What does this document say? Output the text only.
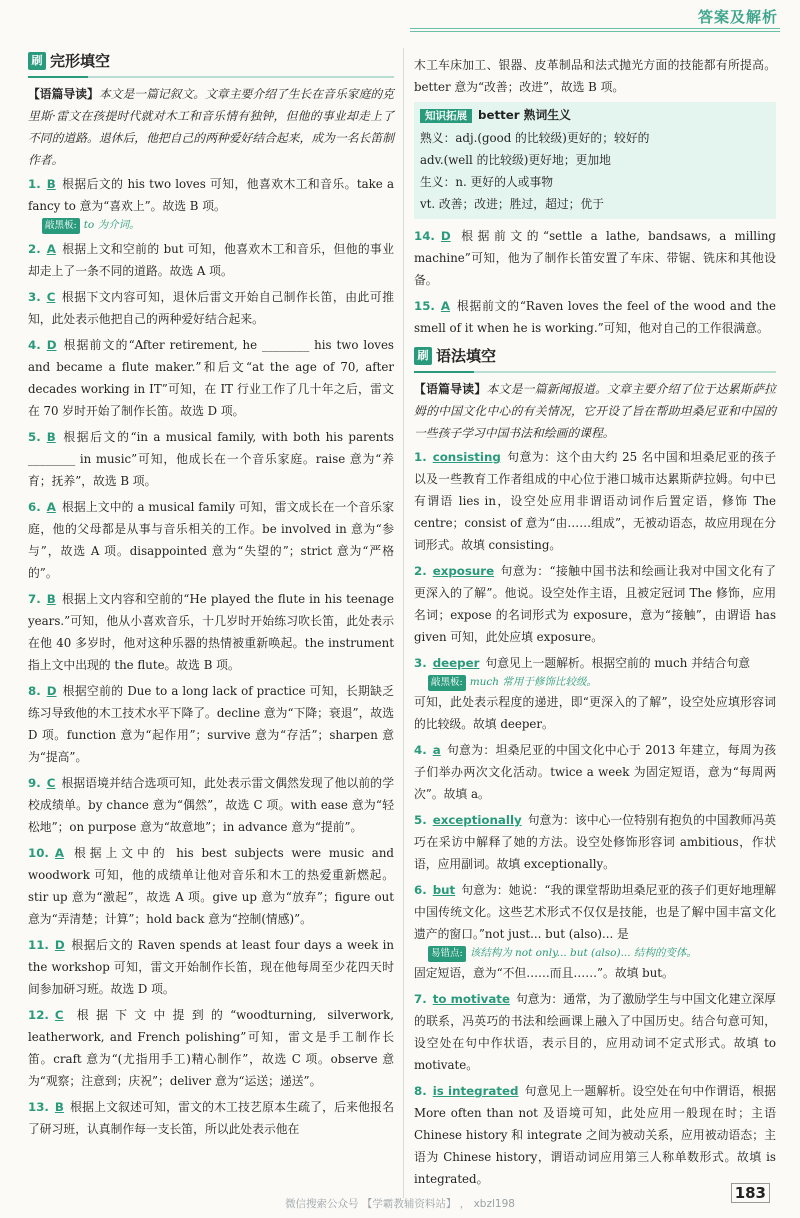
答案及解析
刷 完形填空

【语篇导读】本文是一篇记叙文。文章主要介绍了生长在音乐家庭的克里斯·雷文在孩提时代就对木工和音乐情有独钟，但他的事业却走上了不同的道路。退休后，他把自己的两种爱好结合起来，成为一名长笛制作者。

1. B 根据后文的 his two loves 可知，他喜欢木工和音乐。take a fancy to 意为“喜欢上”。故选 B 项。
敲黑板: to 为介词。

2. A 根据上文和空前的 but 可知，他喜欢木工和音乐，但他的事业却走上了一条不同的道路。故选 A 项。

3. C 根据下文内容可知，退休后雷文开始自己制作长笛，由此可推知，此处表示他把自己的两种爱好结合起来。

4. D 根据前文的“After retirement, he ________ his two loves and became a flute maker.”和后文“at the age of 70, after decades working in IT”可知，在 IT 行业工作了几十年之后，雷文在 70 岁时开始了制作长笛。故选 D 项。

5. B 根据后文的“in a musical family, with both his parents ________ in music”可知，他成长在一个音乐家庭。raise 意为“养育；抚养”，故选 B 项。

6. A 根据上文中的 a musical family 可知，雷文成长在一个音乐家庭，他的父母都是从事与音乐相关的工作。be involved in 意为“参与”，故选 A 项。disappointed 意为“失望的”；strict 意为“严格的”。

7. B 根据上文内容和空前的“He played the flute in his teenage years.”可知，他从小喜欢音乐，十几岁时开始练习吹长笛，此处表示在他 40 多岁时，他对这种乐器的热情被重新唤起。the instrument 指上文中出现的 the flute。故选 B 项。

8. D 根据空前的 Due to a long lack of practice 可知，长期缺乏练习导致他的木工技术水平下降了。decline 意为“下降；衰退”，故选 D 项。function 意为“起作用”；survive 意为“存活”；sharpen 意为“提高”。

9. C 根据语境并结合选项可知，此处表示雷文偶然发现了他以前的学校成绩单。by chance 意为“偶然”，故选 C 项。with ease 意为“轻松地”；on purpose 意为“故意地”；in advance 意为“提前”。

10. A 根据上文中的 his best subjects were music and woodwork 可知，他的成绩单让他对音乐和木工的热爱重新燃起。stir up 意为“激起”，故选 A 项。give up 意为“放弃”；figure out 意为“弄清楚；计算”；hold back 意为“控制(情感)”。

11. D 根据后文的 Raven spends at least four days a week in the workshop 可知，雷文开始制作长笛，现在他每周至少花四天时间参加研习班。故选 D 项。

12. C 根据下文中提到的“woodturning, silverwork, leatherwork, and French polishing”可知，雷文是手工制作长笛。craft 意为“(尤指用手工)精心制作”，故选 C 项。observe 意为“观察；注意到；庆祝”；deliver 意为“运送；递送”。

13. B 根据上文叙述可知，雷文的木工技艺原本生疏了，后来他报名了研习班，认真制作每一支长笛，所以此处表示他在

木工车床加工、银器、皮革制品和法式抛光方面的技能都有所提高。better 意为“改善；改进”，故选 B 项。

知识拓展 better 熟词生义
熟义：adj.(good 的比较级)更好的；较好的
adv.(well 的比较级)更好地；更加地
生义：n. 更好的人或事物
vt. 改善；改进；胜过，超过；优于

14. D 根据前文的“settle a lathe, bandsaws, a milling machine”可知，他为了制作长笛安置了车床、带锯、铣床和其他设备。

15. A 根据前文的“Raven loves the feel of the wood and the smell of it when he is working.”可知，他对自己的工作很满意。

刷 语法填空

【语篇导读】本文是一篇新闻报道。文章主要介绍了位于达累斯萨拉姆的中国文化中心的有关情况，它开设了旨在帮助坦桑尼亚和中国的一些孩子学习中国书法和绘画的课程。

1. consisting 句意为：这个由大约 25 名中国和坦桑尼亚的孩子以及一些教育工作者组成的中心位于港口城市达累斯萨拉姆。句中已有谓语 lies in，设空处应用非谓语动词作后置定语，修饰 The centre；consist of 意为“由……组成”，无被动语态，故应用现在分词形式。故填 consisting。

2. exposure 句意为：“接触中国书法和绘画让我对中国文化有了更深入的了解”。他说。设空处作主语，且被定冠词 The 修饰，应用名词；expose 的名词形式为 exposure，意为“接触”，由谓语 has given 可知，此处应填 exposure。

3. deeper 句意见上一题解析。根据空前的 much 并结合句意
敲黑板: much 常用于修饰比较级。
可知，此处表示程度的递进，即“更深入的了解”，设空处应填形容词的比较级。故填 deeper。

4. a 句意为：坦桑尼亚的中国文化中心于 2013 年建立，每周为孩子们举办两次文化活动。twice a week 为固定短语，意为“每周两次”。故填 a。

5. exceptionally 句意为：该中心一位特别有抱负的中国教师冯英巧在采访中解释了她的方法。设空处修饰形容词 ambitious，作状语，应用副词。故填 exceptionally。

6. but 句意为：她说：“我的课堂帮助坦桑尼亚的孩子们更好地理解中国传统文化。这些艺术形式不仅仅是技能，也是了解中国丰富文化遗产的窗口。”not just... but (also)... 是
易错点: 该结构为 not only... but (also)... 结构的变体。
固定短语，意为“不但……而且……”。故填 but。

7. to motivate 句意为：通常，为了激励学生与中国文化建立深厚的联系，冯英巧的书法和绘画课上融入了中国历史。结合句意可知，设空处在句中作状语，表示目的，应用动词不定式形式。故填 to motivate。

8. is integrated 句意见上一题解析。设空处在句中作谓语，根据 More often than not 及语境可知，此处应用一般现在时；主语 Chinese history 和 integrate 之间为被动关系，应用被动语态；主语为 Chinese history，谓语动词应用第三人称单数形式。故填 is integrated。

183
微信搜索公众号 【学霸教辅资料站】 ， xbzl198
